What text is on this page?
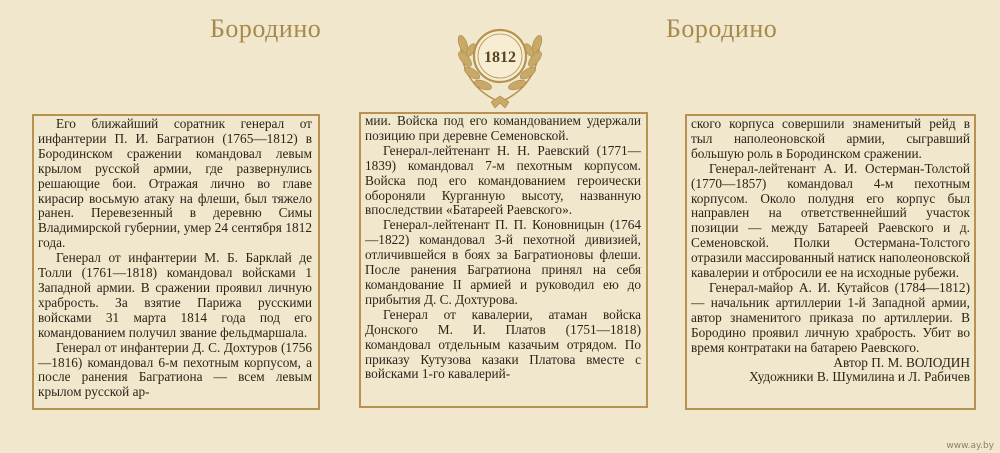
Бородино	Бородино
1812

Его ближайший соратник генерал от инфантерии П. И. Багратион (1765—1812) в Бородинском сражении командовал левым крылом русской армии, где развернулись решающие бои. Отражая лично во главе кирасир восьмую атаку на флеши, был тяжело ранен. Перевезенный в деревню Симы Владимирской губернии, умер 24 сентября 1812 года.

Генерал от инфантерии М. Б. Барклай де Толли (1761—1818) командовал войсками 1 Западной армии. В сражении проявил личную храбрость. За взятие Парижа русскими войсками 31 марта 1814 года под его командованием получил звание фельдмаршала.

Генерал от инфантерии Д. С. Дохтуров (1756—1816) командовал 6-м пехотным корпусом, а после ранения Багратиона — всем левым крылом русской ар-

мии. Войска под его командованием удержали позицию при деревне Семеновской.

Генерал-лейтенант Н. Н. Раевский (1771—1839) командовал 7-м пехотным корпусом. Войска под его командованием героически обороняли Курганную высоту, названную впоследствии «Батареей Раевского».

Генерал-лейтенант П. П. Коновницын (1764—1822) командовал 3-й пехотной дивизией, отличившейся в боях за Багратионовы флеши. После ранения Багратиона принял на себя командование II армией и руководил ею до прибытия Д. С. Дохтурова.

Генерал от кавалерии, атаман войска Донского М. И. Платов (1751—1818) командовал отдельным казачьим отрядом. По приказу Кутузова казаки Платова вместе с войсками 1-го кавалерий-

ского корпуса совершили знаменитый рейд в тыл наполеоновской армии, сыгравший большую роль в Бородинском сражении.

Генерал-лейтенант А. И. Остерман-Толстой (1770—1857) командовал 4-м пехотным корпусом. Около полудня его корпус был направлен на ответственнейший участок позиции — между Батареей Раевского и д. Семеновской. Полки Остермана-Толстого отразили массированный натиск наполеоновской кавалерии и отбросили ее на исходные рубежи.

Генерал-майор А. И. Кутайсов (1784—1812) — начальник артиллерии 1-й Западной армии, автор знаменитого приказа по артиллерии. В Бородино проявил личную храбрость. Убит во время контратаки на батарею Раевского.

Автор П. М. ВОЛОДИН

Художники В. Шумилина и Л. Рабичев

www.ay.by
